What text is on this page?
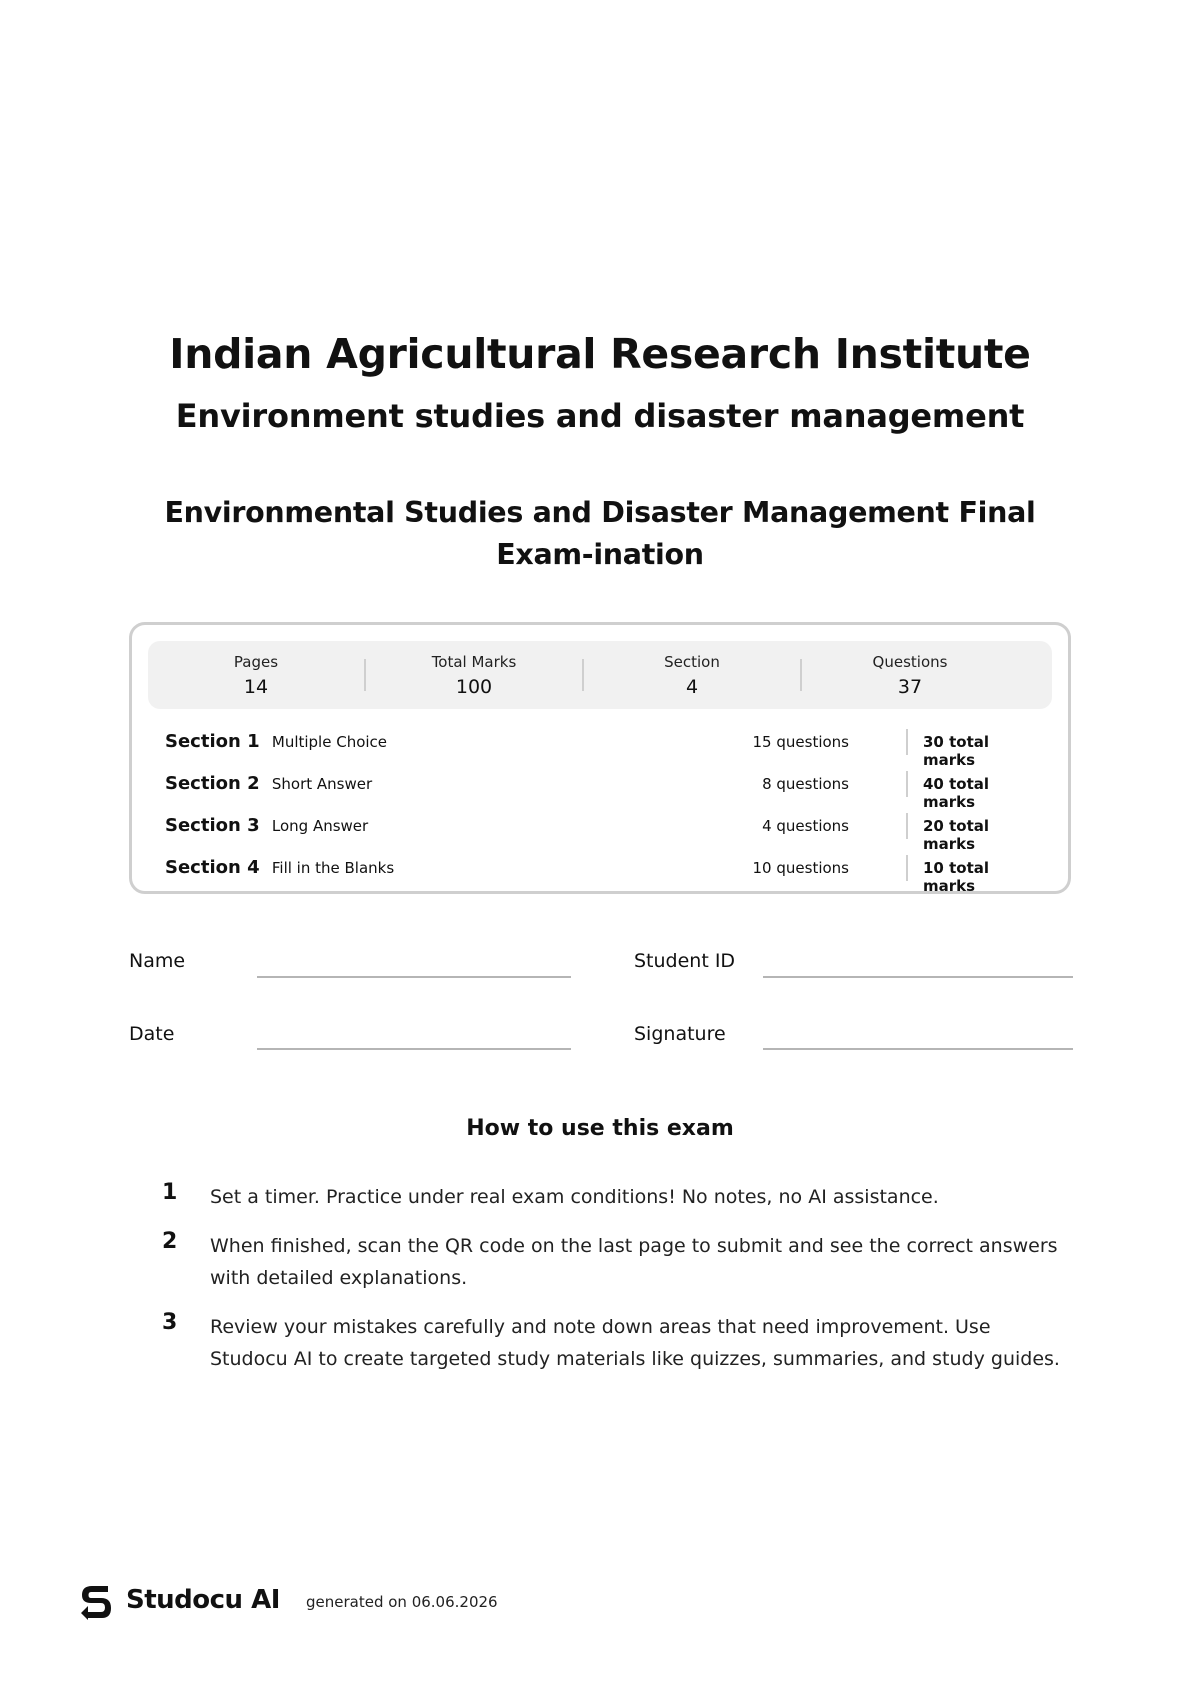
Indian Agricultural Research Institute
Environment studies and disaster management
Environmental Studies and Disaster Management Final Exam-ination
Pages
14
Total Marks
100
Section
4
Questions
37
Section 1 Multiple Choice	15 questions	30 total marks
Section 2 Short Answer	8 questions	40 total marks
Section 3 Long Answer	4 questions	20 total marks
Section 4 Fill in the Blanks	10 questions	10 total marks
Name	Student ID
Date	Signature
How to use this exam
1 Set a timer. Practice under real exam conditions! No notes, no AI assistance.
2 When finished, scan the QR code on the last page to submit and see the correct answers with detailed explanations.
3 Review your mistakes carefully and note down areas that need improvement. Use Studocu AI to create targeted study materials like quizzes, summaries, and study guides.
Studocu AI generated on 06.06.2026
